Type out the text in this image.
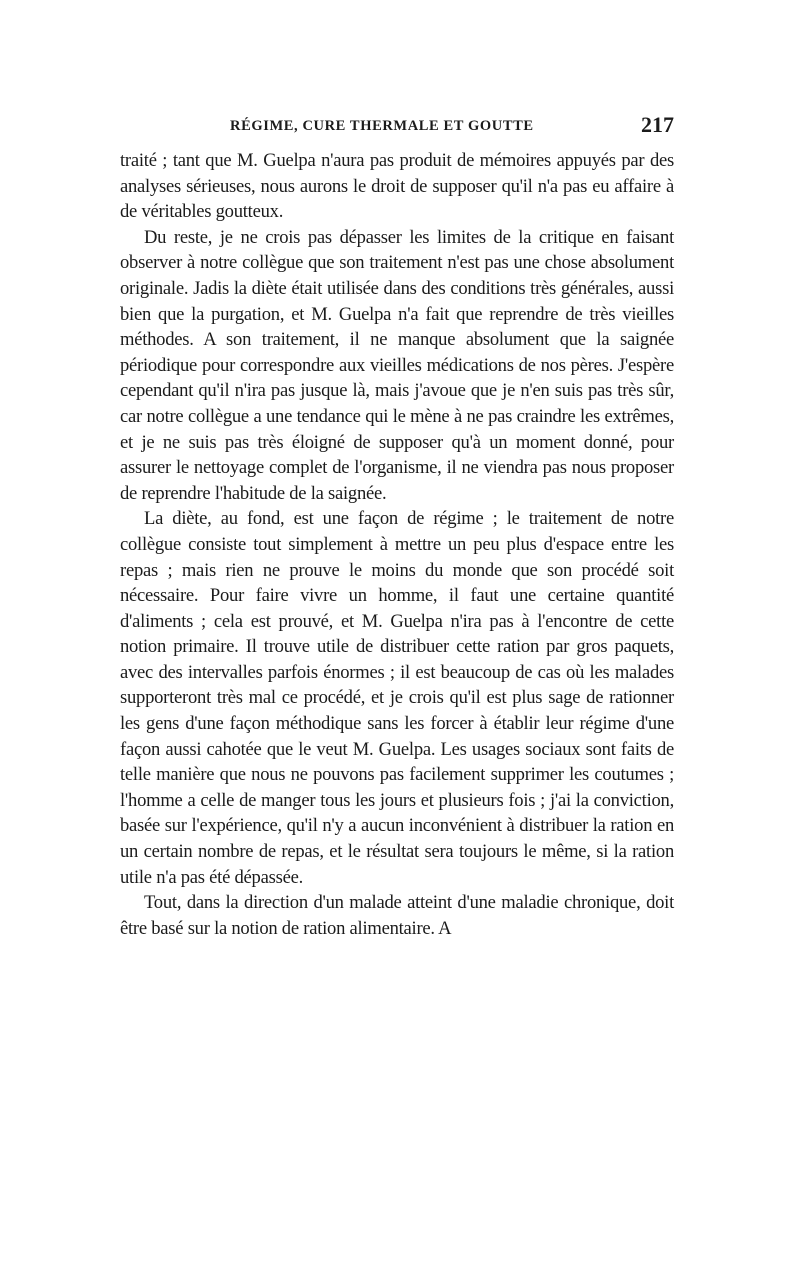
RÉGIME, CURE THERMALE ET GOUTTE	217

traité ; tant que M. Guelpa n'aura pas produit de mémoires appuyés par des analyses sérieuses, nous aurons le droit de supposer qu'il n'a pas eu affaire à de véritables goutteux.

Du reste, je ne crois pas dépasser les limites de la critique en faisant observer à notre collègue que son traitement n'est pas une chose absolument originale. Jadis la diète était utilisée dans des conditions très générales, aussi bien que la purgation, et M. Guelpa n'a fait que reprendre de très vieilles méthodes. A son traitement, il ne manque absolument que la saignée périodique pour correspondre aux vieilles médications de nos pères. J'espère cependant qu'il n'ira pas jusque là, mais j'avoue que je n'en suis pas très sûr, car notre collègue a une tendance qui le mène à ne pas craindre les extrêmes, et je ne suis pas très éloigné de supposer qu'à un moment donné, pour assurer le nettoyage complet de l'organisme, il ne viendra pas nous proposer de reprendre l'habitude de la saignée.

La diète, au fond, est une façon de régime ; le traitement de notre collègue consiste tout simplement à mettre un peu plus d'espace entre les repas ; mais rien ne prouve le moins du monde que son procédé soit nécessaire. Pour faire vivre un homme, il faut une certaine quantité d'aliments ; cela est prouvé, et M. Guelpa n'ira pas à l'encontre de cette notion primaire. Il trouve utile de distribuer cette ration par gros paquets, avec des intervalles parfois énormes ; il est beaucoup de cas où les malades supporteront très mal ce procédé, et je crois qu'il est plus sage de rationner les gens d'une façon méthodique sans les forcer à établir leur régime d'une façon aussi cahotée que le veut M. Guelpa. Les usages sociaux sont faits de telle manière que nous ne pouvons pas facilement supprimer les coutumes ; l'homme a celle de manger tous les jours et plusieurs fois ; j'ai la conviction, basée sur l'expérience, qu'il n'y a aucun inconvénient à distribuer la ration en un certain nombre de repas, et le résultat sera toujours le même, si la ration utile n'a pas été dépassée.

Tout, dans la direction d'un malade atteint d'une maladie chronique, doit être basé sur la notion de ration alimentaire. A
